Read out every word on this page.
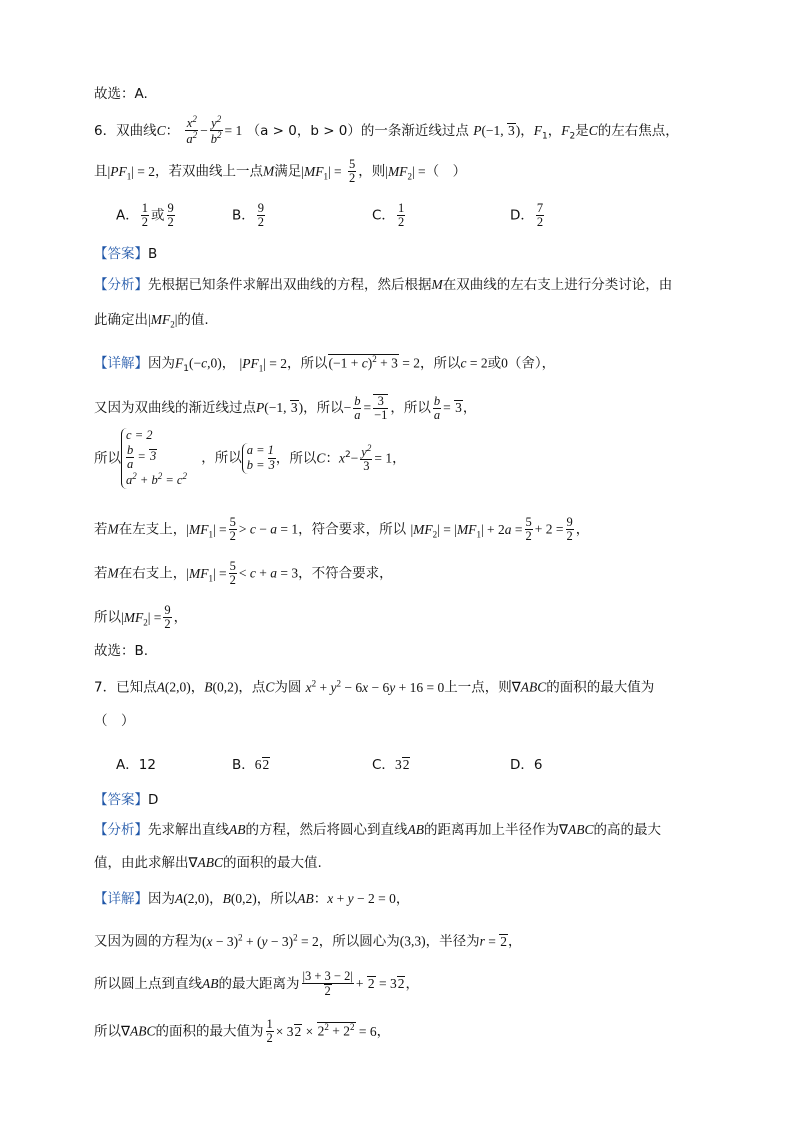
故选：A.
6．双曲线C： $\frac{x^2}{a^2} - \frac{y^2}{b^2} = 1$ （a > 0，b > 0）的一条渐近线过点 P(−1, 3)，$F_1$，$F_2$是C的左右焦点，
且$|PF_1| = 2$，若双曲线上一点M满足$|MF_1| = \frac{5}{2}$ ，则$|MF_2|$ =（　）
A． $\frac{1}{2}$ 或 $\frac{9}{2}$	B． $\frac{9}{2}$	C． $\frac{1}{2}$	D． $\frac{7}{2}$
【答案】B
【分析】先根据已知条件求解出双曲线的方程，然后根据M在双曲线的左右支上进行分类讨论，由
此确定出$|MF_2|$的值.
【详解】因为$F_1(-c,0)$， $|PF_1| = 2$，所以$(-1 + c)^2 + 3 = 2$，所以c = 2或0（舍），
又因为双曲线的渐近线过点P(−1, 3)，所以− $\frac{b}{a} = \frac{3}{-1}$ ，所以 $\frac{b}{a} = 3$，
所以c = 2

$\frac{b}{a} = 3$
$a^2 + b^2 = c^2$ ，所以a = 1
b = 3，所以C：$x^2- \frac{y^2}{3} = 1$，
若M在左支上，$|MF_1| = \frac{5}{2} > c - a = 1$，符合要求，所以 $|MF_2| = |MF_1| + 2a = \frac{5}{2} + 2 = \frac{9}{2}$ ，
若M在右支上，$|MF_1| = \frac{5}{2} < c + a = 3$，不符合要求，
所以$|MF_2| = \frac{9}{2}$ ，
故选：B.
7．已知点A(2,0)，B(0,2)，点C为圆 $x^2 + y^2 - 6x - 6y + 16 = 0$上一点，则∇ABC的面积的最大值为
（　）
A．12	B．62	C．32	D．6
【答案】D
【分析】先求解出直线AB的方程，然后将圆心到直线AB的距离再加上半径作为∇ABC的高的最大
值，由此求解出∇ABC的面积的最大值.
【详解】因为A(2,0)，B(0,2)，所以AB：x + y − 2 = 0，
又因为圆的方程为$(x - 3)^2 + (y - 3)^2 = 2$，所以圆心为(3,3)，半径为r = 2，
所以圆上点到直线AB的最大距离为 $\frac{|3 + 3 - 2|}{2} + 2 = 32$，
所以∇ABC的面积的最大值为 $\frac{1}{2} \times 32 \times 2^2 + 2^2 = 6$，
